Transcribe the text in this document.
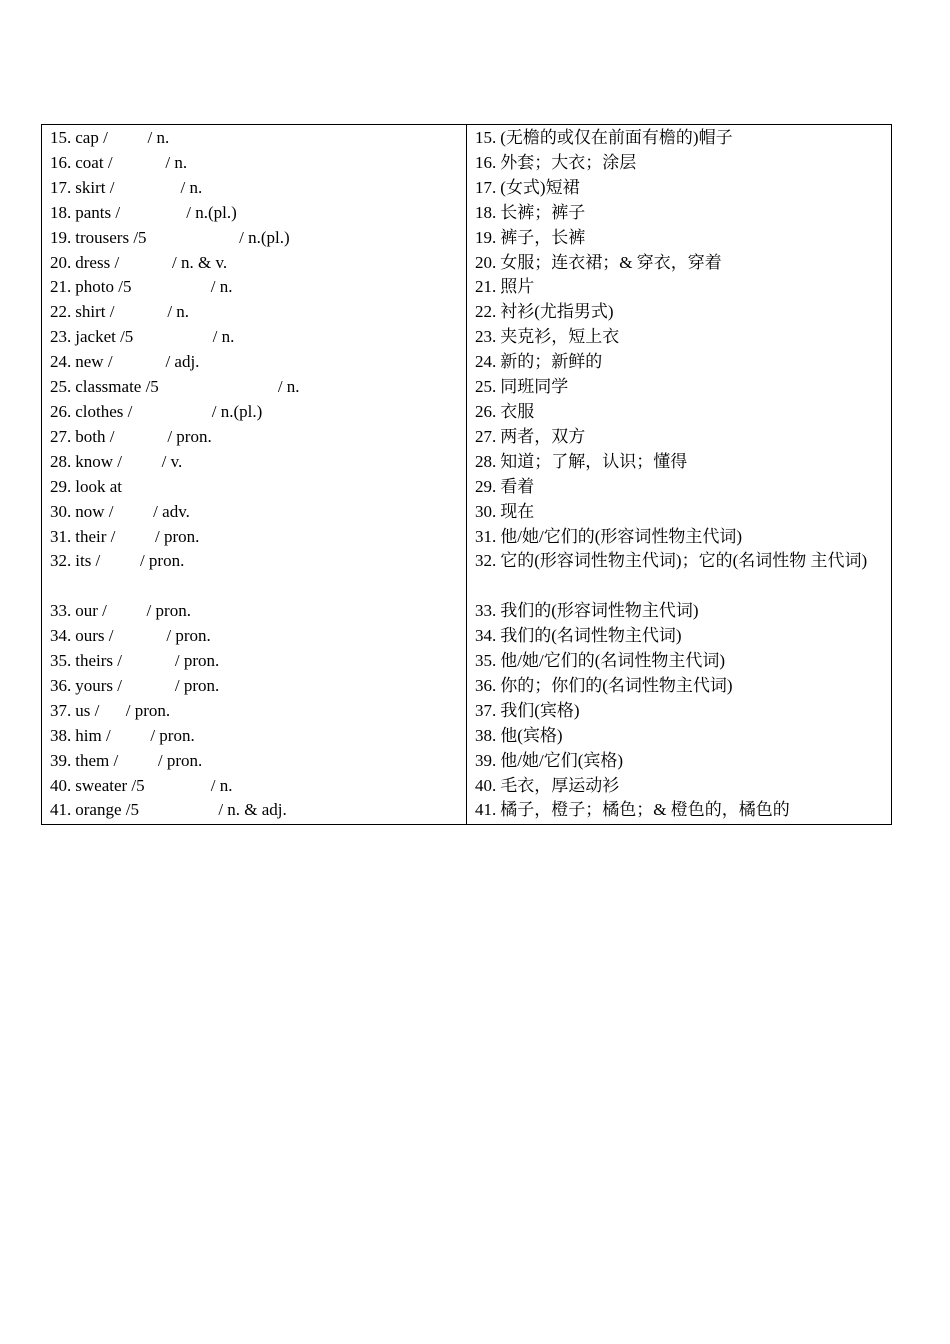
15. cap /   / n.
16. coat /    / n.
17. skirt /     / n.
18. pants /     / n.(pl.)
19. trousers /5       / n.(pl.)
20. dress /    / n. & v.
21. photo /5      / n.
22. shirt /    / n.
23. jacket /5      / n.
24. new /    / adj.
25. classmate /5         / n.
26. clothes /      / n.(pl.)
27. both /    / pron.
28. know /   / v.
29. look at
30. now /   / adv.
31. their /   / pron.
32. its /   / pron.
33. our /   / pron.
34. ours /    / pron.
35. theirs /    / pron.
36. yours /    / pron.
37. us /  / pron.
38. him /   / pron.
39. them /   / pron.
40. sweater /5     / n.
41. orange /5      / n. & adj.
15. (无檐的或仅在前面有檐的)帽子
16. 外套；大衣；涂层
17. (女式)短裙
18. 长裤；裤子
19. 裤子，长裤
20. 女服；连衣裙；& 穿衣，穿着
21. 照片
22. 衬衫(尤指男式)
23. 夹克衫，短上衣
24. 新的；新鲜的
25. 同班同学
26. 衣服
27. 两者，双方
28. 知道；了解，认识；懂得
29. 看着
30. 现在
31. 他/她/它们的(形容词性物主代词)
32. 它的(形容词性物主代词)；它的(名词性物 主代词)
33. 我们的(形容词性物主代词)
34. 我们的(名词性物主代词)
35. 他/她/它们的(名词性物主代词)
36. 你的；你们的(名词性物主代词)
37. 我们(宾格)
38. 他(宾格)
39. 他/她/它们(宾格)
40. 毛衣，厚运动衫
41. 橘子，橙子；橘色；& 橙色的，橘色的
